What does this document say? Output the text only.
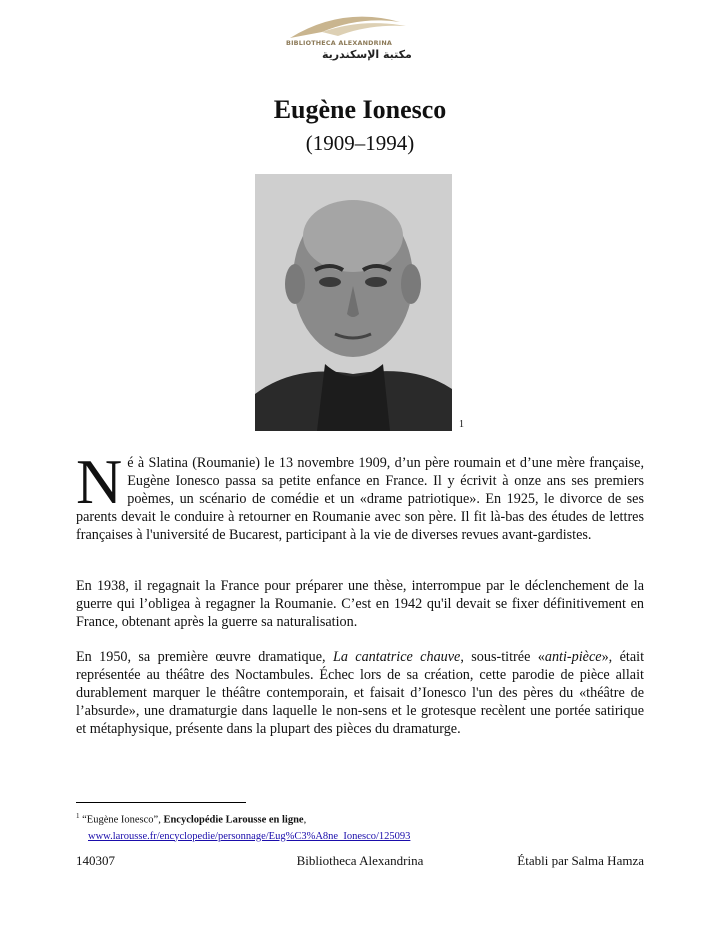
BIBLIOTHECA ALEXANDRINA
مكتبة الإسكندرية
Eugène Ionesco
(1909–1994)
1
Né à Slatina (Roumanie) le 13 novembre 1909, d’un père roumain et d’une mère française, Eugène Ionesco passa sa petite enfance en France. Il y écrivit à onze ans ses premiers poèmes, un scénario de comédie et un «drame patriotique». En 1925, le divorce de ses parents devait le conduire à retourner en Roumanie avec son père. Il fit là-bas des études de lettres françaises à l'université de Bucarest, participant à la vie de diverses revues avant-gardistes.
En 1938, il regagnait la France pour préparer une thèse, interrompue par le déclenchement de la guerre qui l’obligea à regagner la Roumanie. C’est en 1942 qu'il devait se fixer définitivement en France, obtenant après la guerre sa naturalisation.
En 1950, sa première œuvre dramatique, La cantatrice chauve, sous-titrée «anti-pièce», était représentée au théâtre des Noctambules. Échec lors de sa création, cette parodie de pièce allait durablement marquer le théâtre contemporain, et faisait d’Ionesco l'un des pères du «théâtre de l’absurde», une dramaturgie dans laquelle le non-sens et le grotesque recèlent une portée satirique et métaphysique, présente dans la plupart des pièces du dramaturge.
$^1$ “Eugène Ionesco”, Encyclopédie Larousse en ligne,
www.larousse.fr/encyclopedie/personnage/Eug%C3%A8ne_Ionesco/125093
140307	Bibliotheca Alexandrina	Établi par Salma Hamza
